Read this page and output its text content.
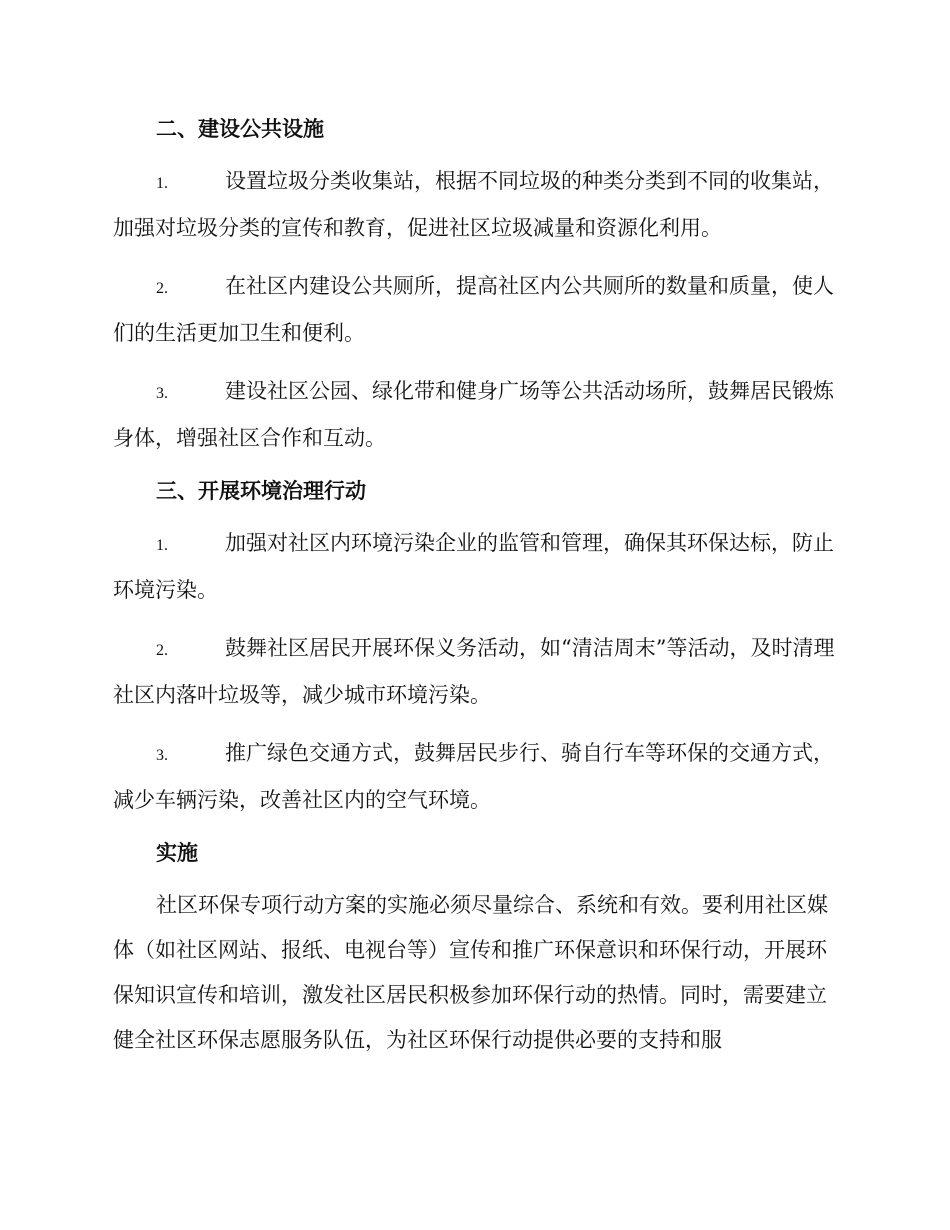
二、建设公共设施

1.	设置垃圾分类收集站，根据不同垃圾的种类分类到不同的收集站，加强对垃圾分类的宣传和教育，促进社区垃圾减量和资源化利用。

2.	在社区内建设公共厕所，提高社区内公共厕所的数量和质量，使人们的生活更加卫生和便利。

3.	建设社区公园、绿化带和健身广场等公共活动场所，鼓舞居民锻炼身体，增强社区合作和互动。

三、开展环境治理行动

1.	加强对社区内环境污染企业的监管和管理，确保其环保达标，防止环境污染。

2.	鼓舞社区居民开展环保义务活动，如“清洁周末”等活动，及时清理社区内落叶垃圾等，减少城市环境污染。

3.	推广绿色交通方式，鼓舞居民步行、骑自行车等环保的交通方式，减少车辆污染，改善社区内的空气环境。

实施

社区环保专项行动方案的实施必须尽量综合、系统和有效。要利用社区媒体（如社区网站、报纸、电视台等）宣传和推广环保意识和环保行动，开展环保知识宣传和培训，激发社区居民积极参加环保行动的热情。同时，需要建立健全社区环保志愿服务队伍，为社区环保行动提供必要的支持和服
